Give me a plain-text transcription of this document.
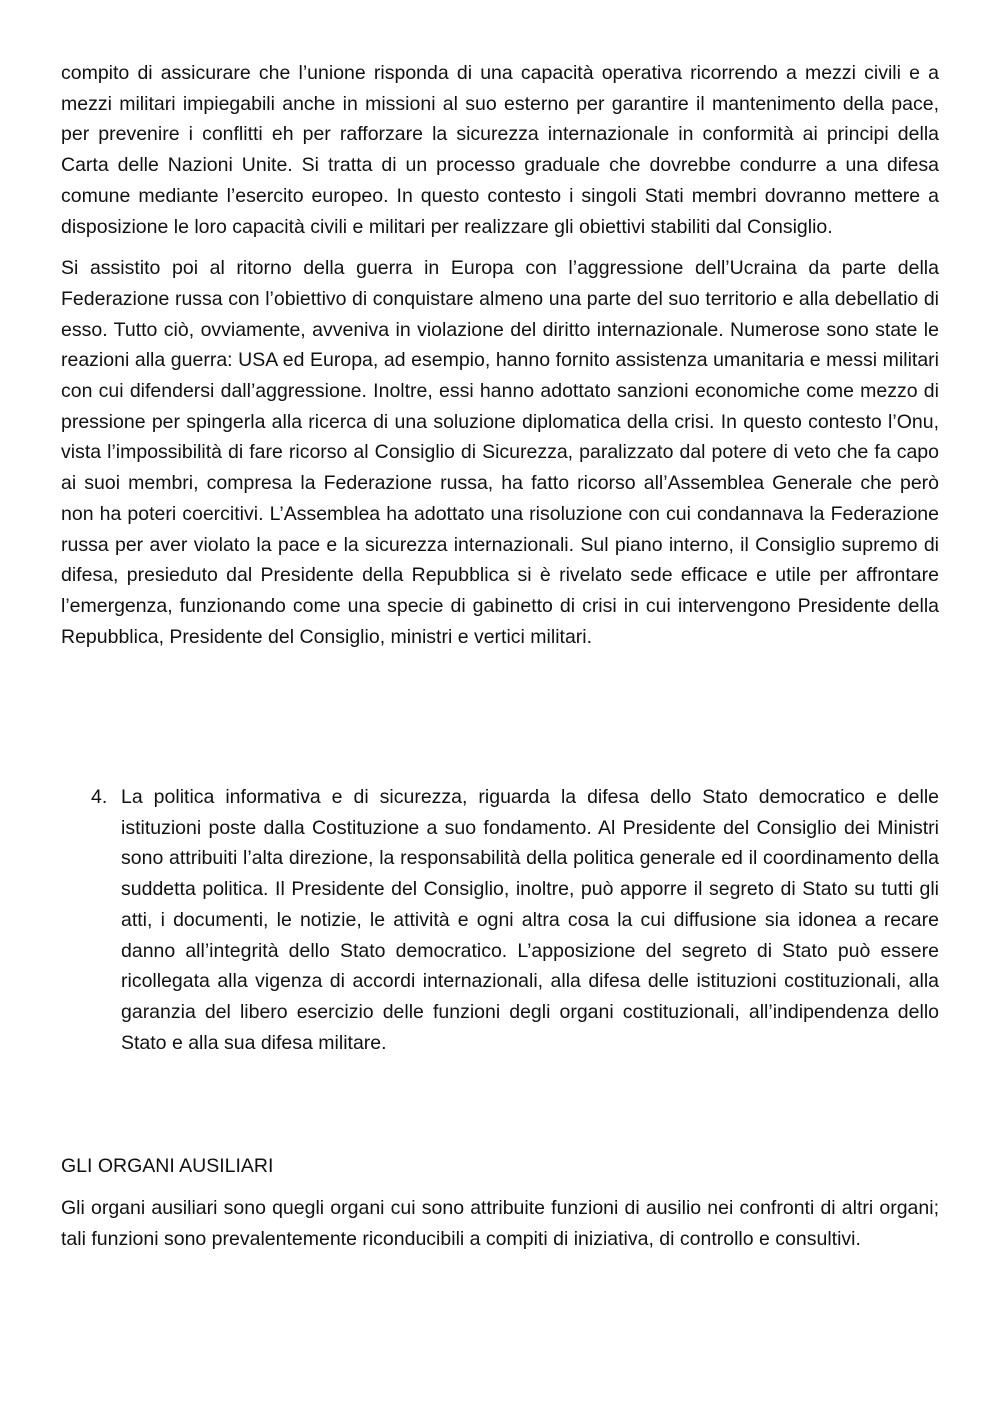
compito di assicurare che l’unione risponda di una capacità operativa ricorrendo a mezzi civili e a mezzi militari impiegabili anche in missioni al suo esterno per garantire il mantenimento della pace, per prevenire i conflitti eh per rafforzare la sicurezza internazionale in conformità ai principi della Carta delle Nazioni Unite. Si tratta di un processo graduale che dovrebbe condurre a una difesa comune mediante l’esercito europeo. In questo contesto i singoli Stati membri dovranno mettere a disposizione le loro capacità civili e militari per realizzare gli obiettivi stabiliti dal Consiglio.

Si assistito poi al ritorno della guerra in Europa con l’aggressione dell’Ucraina da parte della Federazione russa con l’obiettivo di conquistare almeno una parte del suo territorio e alla debellatio di esso. Tutto ciò, ovviamente, avveniva in violazione del diritto internazionale. Numerose sono state le reazioni alla guerra: USA ed Europa, ad esempio, hanno fornito assistenza umanitaria e messi militari con cui difendersi dall’aggressione. Inoltre, essi hanno adottato sanzioni economiche come mezzo di pressione per spingerla alla ricerca di una soluzione diplomatica della crisi. In questo contesto l’Onu, vista l’impossibilità di fare ricorso al Consiglio di Sicurezza, paralizzato dal potere di veto che fa capo ai suoi membri, compresa la Federazione russa, ha fatto ricorso all’Assemblea Generale che però non ha poteri coercitivi. L’Assemblea ha adottato una risoluzione con cui condannava la Federazione russa per aver violato la pace e la sicurezza internazionali. Sul piano interno, il Consiglio supremo di difesa, presieduto dal Presidente della Repubblica si è rivelato sede efficace e utile per affrontare l’emergenza, funzionando come una specie di gabinetto di crisi in cui intervengono Presidente della Repubblica, Presidente del Consiglio, ministri e vertici militari.

4. La politica informativa e di sicurezza, riguarda la difesa dello Stato democratico e delle istituzioni poste dalla Costituzione a suo fondamento. Al Presidente del Consiglio dei Ministri sono attribuiti l’alta direzione, la responsabilità della politica generale ed il coordinamento della suddetta politica. Il Presidente del Consiglio, inoltre, può apporre il segreto di Stato su tutti gli atti, i documenti, le notizie, le attività e ogni altra cosa la cui diffusione sia idonea a recare danno all’integrità dello Stato democratico. L’apposizione del segreto di Stato può essere ricollegata alla vigenza di accordi internazionali, alla difesa delle istituzioni costituzionali, alla garanzia del libero esercizio delle funzioni degli organi costituzionali, all’indipendenza dello Stato e alla sua difesa militare.
GLI ORGANI AUSILIARI

Gli organi ausiliari sono quegli organi cui sono attribuite funzioni di ausilio nei confronti di altri organi; tali funzioni sono prevalentemente riconducibili a compiti di iniziativa, di controllo e consultivi.
